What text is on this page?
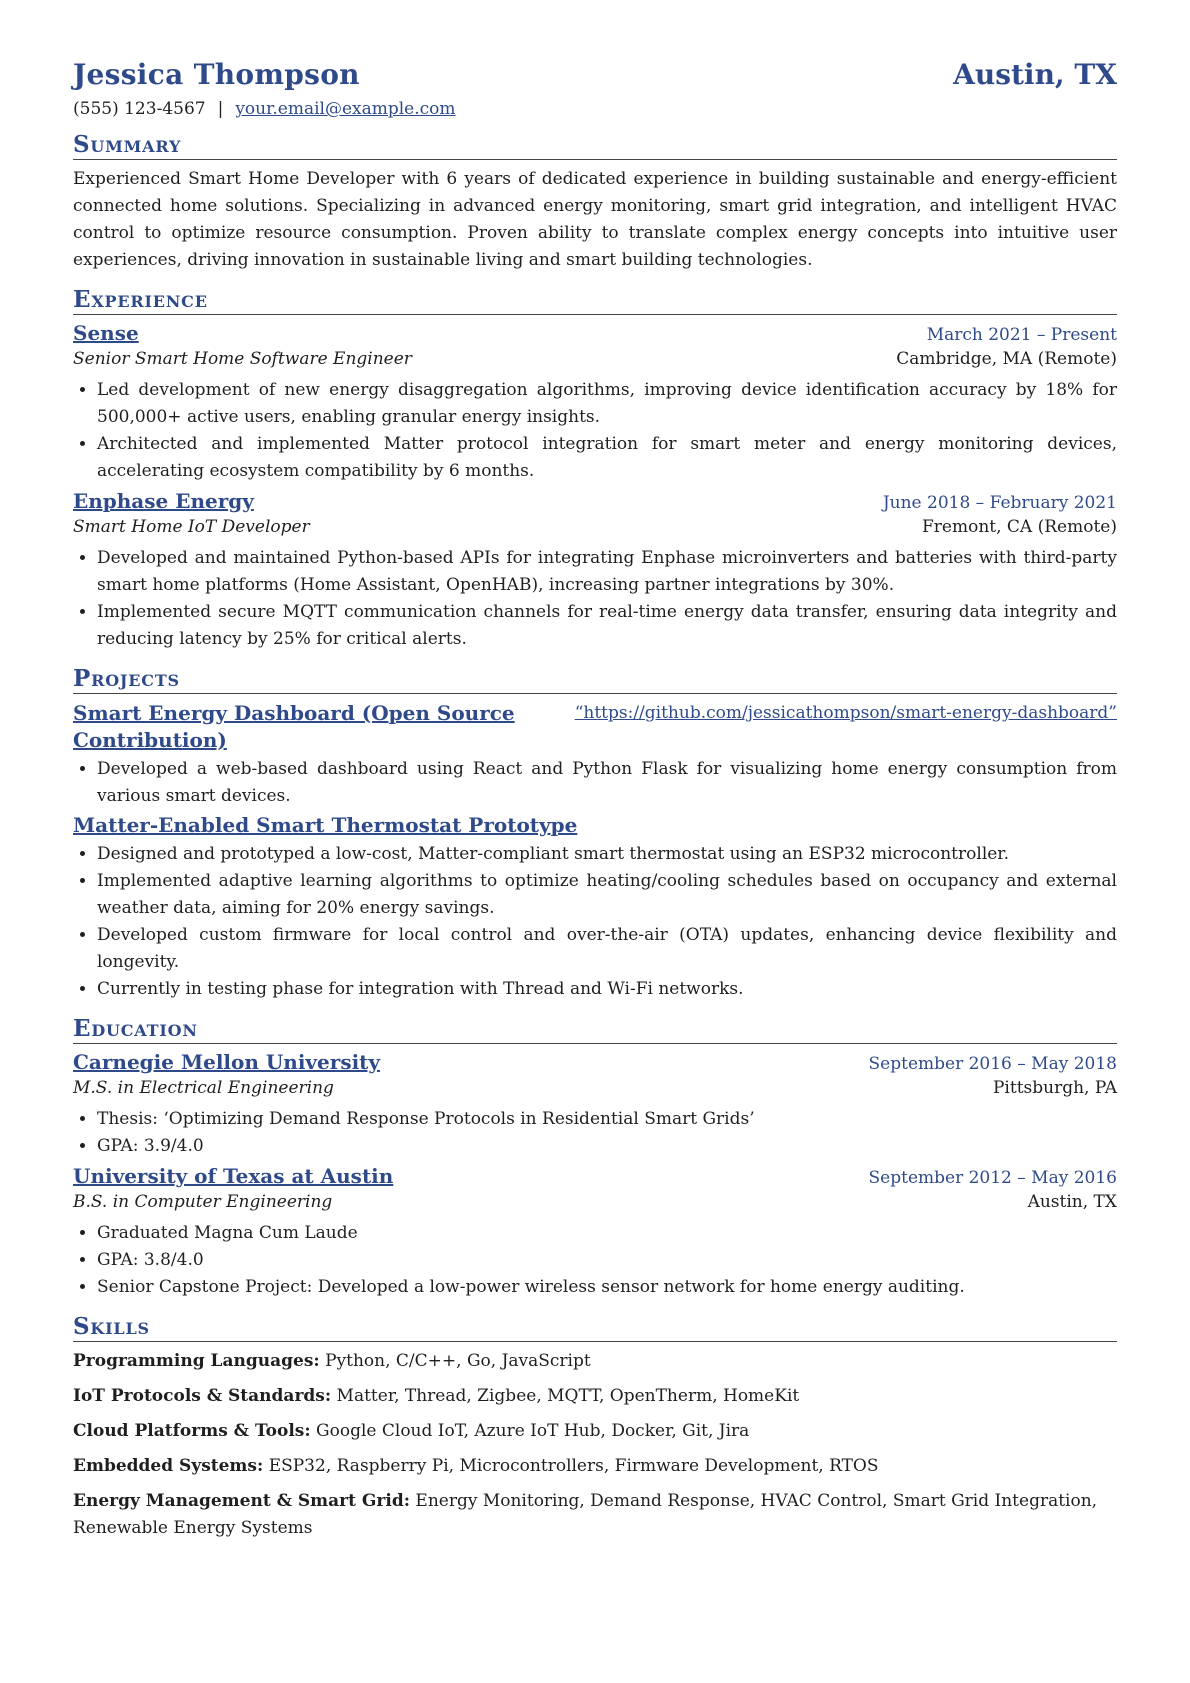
Jessica Thompson	Austin, TX
(555) 123-4567 | your.email@example.com
Summary

Experienced Smart Home Developer with 6 years of dedicated experience in building sustainable and energy-efficient connected home solutions. Specializing in advanced energy monitoring, smart grid integration, and intelligent HVAC control to optimize resource consumption. Proven ability to translate complex energy concepts into intuitive user experiences, driving innovation in sustainable living and smart building technologies.

Experience
Sense	March 2021 – Present
Senior Smart Home Software Engineer	Cambridge, MA (Remote)
• Led development of new energy disaggregation algorithms, improving device identification accuracy by 18% for 500,000+ active users, enabling granular energy insights.
• Architected and implemented Matter protocol integration for smart meter and energy monitoring devices, accelerating ecosystem compatibility by 6 months.
Enphase Energy	June 2018 – February 2021
Smart Home IoT Developer	Fremont, CA (Remote)
• Developed and maintained Python-based APIs for integrating Enphase microinverters and batteries with third-party smart home platforms (Home Assistant, OpenHAB), increasing partner integrations by 30%.
• Implemented secure MQTT communication channels for real-time energy data transfer, ensuring data integrity and reducing latency by 25% for critical alerts.
Projects
Smart Energy Dashboard (Open Source Contribution)
“https://github.com/jessicathompson/smart-energy-dashboard”
• Developed a web-based dashboard using React and Python Flask for visualizing home energy consumption from various smart devices.
Matter-Enabled Smart Thermostat Prototype
• Designed and prototyped a low-cost, Matter-compliant smart thermostat using an ESP32 microcontroller.
• Implemented adaptive learning algorithms to optimize heating/cooling schedules based on occupancy and external weather data, aiming for 20% energy savings.
• Developed custom firmware for local control and over-the-air (OTA) updates, enhancing device flexibility and longevity.
• Currently in testing phase for integration with Thread and Wi-Fi networks.
Education
Carnegie Mellon University	September 2016 – May 2018
M.S. in Electrical Engineering	Pittsburgh, PA
• Thesis: ‘Optimizing Demand Response Protocols in Residential Smart Grids’
• GPA: 3.9/4.0
University of Texas at Austin	September 2012 – May 2016
B.S. in Computer Engineering	Austin, TX
• Graduated Magna Cum Laude
• GPA: 3.8/4.0
• Senior Capstone Project: Developed a low-power wireless sensor network for home energy auditing.
Skills
Programming Languages: Python, C/C++, Go, JavaScript
IoT Protocols & Standards: Matter, Thread, Zigbee, MQTT, OpenTherm, HomeKit
Cloud Platforms & Tools: Google Cloud IoT, Azure IoT Hub, Docker, Git, Jira
Embedded Systems: ESP32, Raspberry Pi, Microcontrollers, Firmware Development, RTOS
Energy Management & Smart Grid: Energy Monitoring, Demand Response, HVAC Control, Smart Grid Integration, Renewable Energy Systems
